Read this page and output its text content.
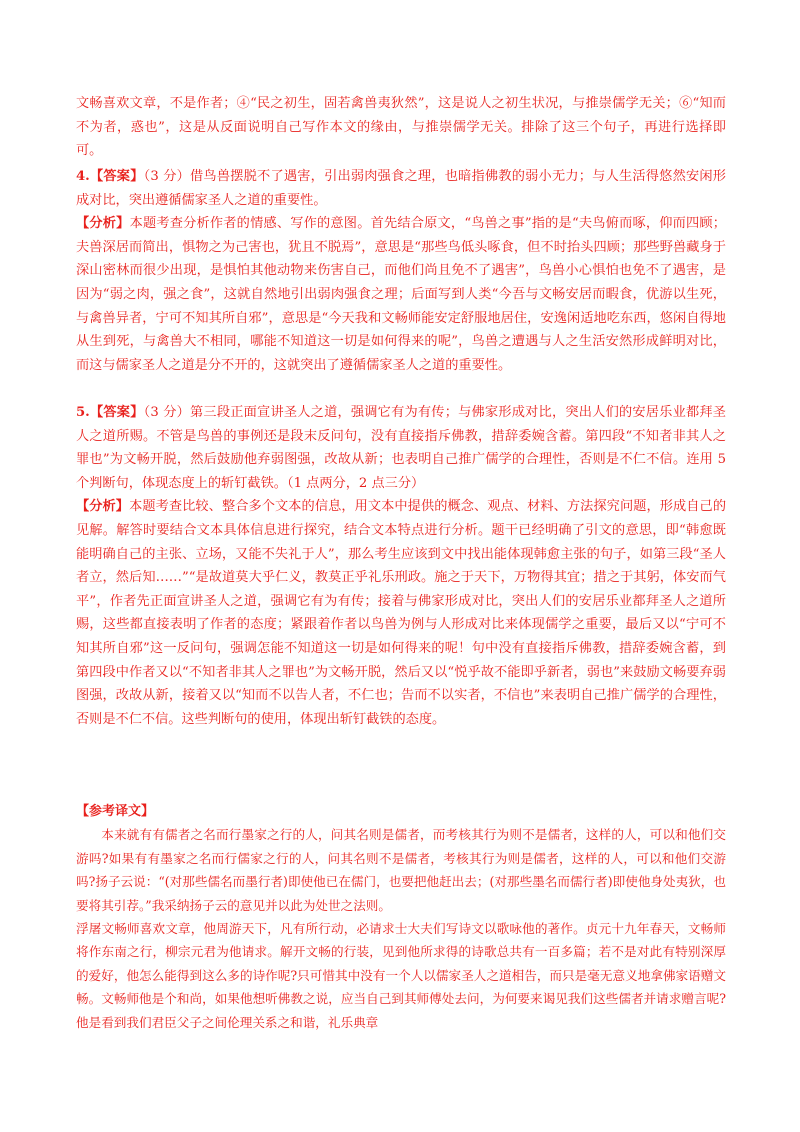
文畅喜欢文章，不是作者；④“民之初生，固若禽兽夷狄然”，这是说人之初生状况，与推崇儒学无关；⑥“知而不为者，惑也”，这是从反面说明自己写作本文的缘由，与推崇儒学无关。排除了这三个句子，再进行选择即可。

4.【答案】（3 分）借鸟兽摆脱不了遇害，引出弱肉强食之理，也暗指佛教的弱小无力；与人生活得悠然安闲形成对比，突出遵循儒家圣人之道的重要性。

【分析】本题考查分析作者的情感、写作的意图。首先结合原文，“鸟兽之事”指的是“夫鸟俯而啄，仰而四顾；夫兽深居而简出，惧物之为己害也，犹且不脱焉”，意思是“那些鸟低头啄食，但不时抬头四顾；那些野兽藏身于深山密林而很少出现，是惧怕其他动物来伤害自己，而他们尚且免不了遇害”，鸟兽小心惧怕也免不了遇害，是因为“弱之肉，强之食”，这就自然地引出弱肉强食之理；后面写到人类“今吾与文畅安居而暇食，优游以生死，与禽兽异者，宁可不知其所自邪”，意思是“今天我和文畅师能安定舒服地居住，安逸闲适地吃东西，悠闲自得地从生到死，与禽兽大不相同，哪能不知道这一切是如何得来的呢”，鸟兽之遭遇与人之生活安然形成鲜明对比，而这与儒家圣人之道是分不开的，这就突出了遵循儒家圣人之道的重要性。

5.【答案】（3 分）第三段正面宣讲圣人之道，强调它有为有传；与佛家形成对比，突出人们的安居乐业都拜圣人之道所赐。不管是鸟兽的事例还是段末反问句，没有直接指斥佛教，措辞委婉含蓄。第四段“不知者非其人之罪也”为文畅开脱，然后鼓励他弃弱图强，改故从新；也表明自己推广儒学的合理性，否则是不仁不信。连用 5 个判断句，体现态度上的斩钉截铁。（1 点两分，2 点三分）

【分析】本题考查比较、整合多个文本的信息，用文本中提供的概念、观点、材料、方法探究问题，形成自己的见解。解答时要结合文本具体信息进行探究，结合文本特点进行分析。题干已经明确了引文的意思，即“韩愈既能明确自己的主张、立场，又能不失礼于人”，那么考生应该到文中找出能体现韩愈主张的句子，如第三段“圣人者立，然后知……”“是故道莫大乎仁义，教莫正乎礼乐刑政。施之于天下，万物得其宜；措之于其躬，体安而气平”，作者先正面宣讲圣人之道，强调它有为有传；接着与佛家形成对比，突出人们的安居乐业都拜圣人之道所赐，这些都直接表明了作者的态度；紧跟着作者以鸟兽为例与人形成对比来体现儒学之重要，最后又以“宁可不知其所自邪”这一反问句，强调怎能不知道这一切是如何得来的呢！句中没有直接指斥佛教，措辞委婉含蓄，到第四段中作者又以“不知者非其人之罪也”为文畅开脱，然后又以“悦乎故不能即乎新者，弱也”来鼓励文畅要弃弱图强，改故从新，接着又以“知而不以告人者，不仁也；告而不以实者，不信也”来表明自己推广儒学的合理性，否则是不仁不信。这些判断句的使用，体现出斩钉截铁的态度。

【参考译文】

本来就有有儒者之名而行墨家之行的人，问其名则是儒者，而考核其行为则不是儒者，这样的人，可以和他们交游吗?如果有有墨家之名而行儒家之行的人，问其名则不是儒者，考核其行为则是儒者，这样的人，可以和他们交游吗?扬子云说：“(对那些儒名而墨行者)即使他已在儒门，也要把他赶出去；(对那些墨名而儒行者)即使他身处夷狄，也要将其引荐。”我采纳扬子云的意见并以此为处世之法则。

浮屠文畅师喜欢文章，他周游天下，凡有所行动，必请求士大夫们写诗文以歌咏他的著作。贞元十九年春天，文畅师将作东南之行，柳宗元君为他请求。解开文畅的行装，见到他所求得的诗歌总共有一百多篇；若不是对此有特别深厚的爱好，他怎么能得到这么多的诗作呢?只可惜其中没有一个人以儒家圣人之道相告，而只是毫无意义地拿佛家语赠文畅。文畅师他是个和尚，如果他想听佛教之说，应当自己到其师傅处去问，为何要来谒见我们这些儒者并请求赠言呢?他是看到我们君臣父子之间伦理关系之和谐，礼乐典章
